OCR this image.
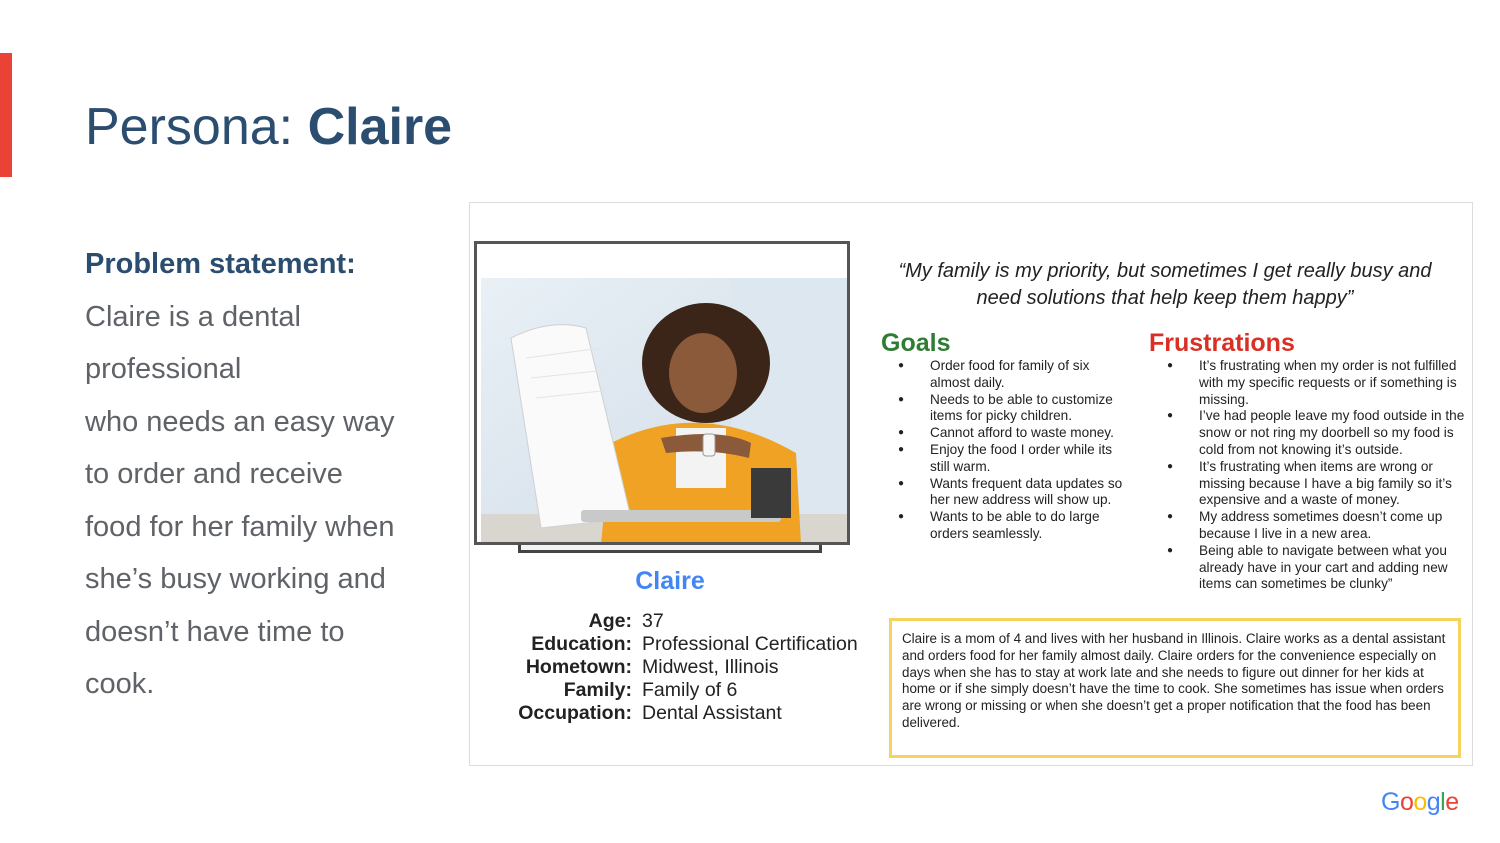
Persona: Claire
Problem statement:
Claire is a dental
professional
who needs an easy way
to order and receive
food for her family when
she’s busy working and
doesn’t have time to
cook.
Claire
Age: 37
Education: Professional Certification
Hometown: Midwest, Illinois
Family: Family of 6
Occupation: Dental Assistant
“My family is my priority, but sometimes I get really busy and need solutions that help keep them happy”
Goals
● Order food for family of six almost daily.
● Needs to be able to customize items for picky children.
● Cannot afford to waste money.
● Enjoy the food I order while its still warm.
● Wants frequent data updates so her new address will show up.
● Wants to be able to do large orders seamlessly.
Frustrations
● It’s frustrating when my order is not fulfilled with my specific requests or if something is missing.
● I’ve had people leave my food outside in the snow or not ring my doorbell so my food is cold from not knowing it’s outside.
● It’s frustrating when items are wrong or missing because I have a big family so it’s expensive and a waste of money.
● My address sometimes doesn’t come up because I live in a new area.
● Being able to navigate between what you already have in your cart and adding new items can sometimes be clunky”
Claire is a mom of 4 and lives with her husband in Illinois. Claire works as a dental assistant and orders food for her family almost daily. Claire orders for the convenience especially on days when she has to stay at work late and she needs to figure out dinner for her kids at home or if she simply doesn’t have the time to cook. She sometimes has issue when orders are wrong or missing or when she doesn’t get a proper notification that the food has been delivered.
Google
